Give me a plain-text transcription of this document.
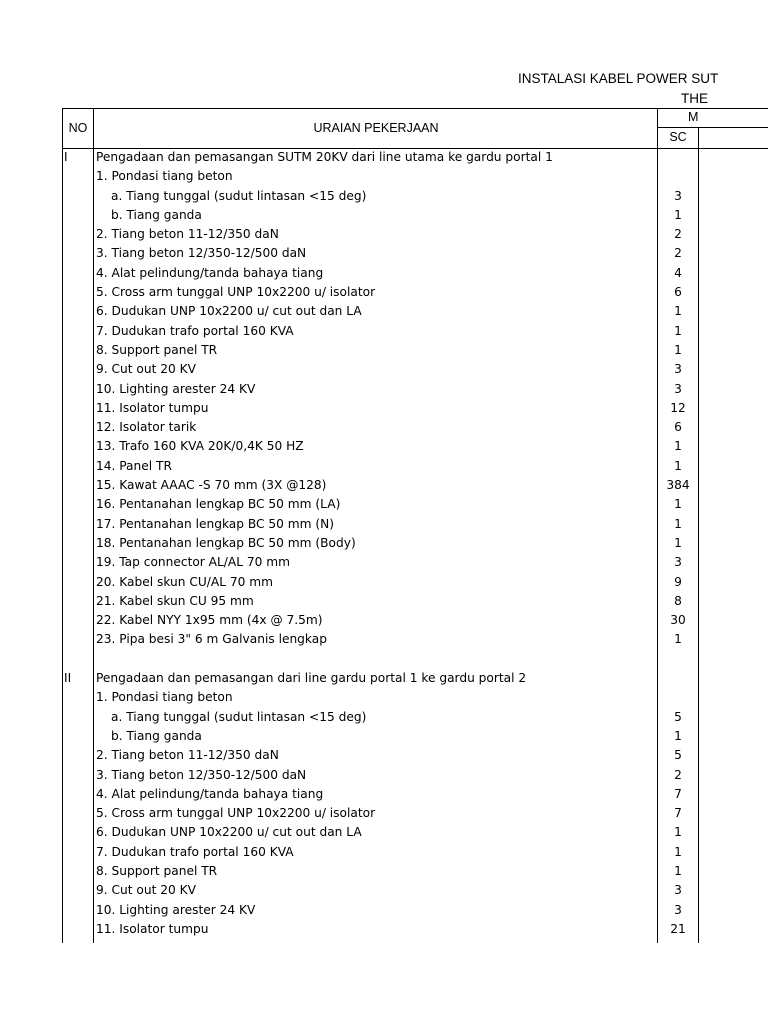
INSTALASI KABEL POWER SUT
THE
NO	URAIAN PEKERJAAN
M
SC
I Pengadaan dan pemasangan SUTM 20KV dari line utama ke gardu portal 1
1. Pondasi tiang beton
a. Tiang tunggal (sudut lintasan <15 deg)	3
b. Tiang ganda	1
2. Tiang beton 11-12/350 daN	2
3. Tiang beton 12/350-12/500 daN	2
4. Alat pelindung/tanda bahaya tiang	4
5. Cross arm tunggal UNP 10x2200 u/ isolator	6
6. Dudukan UNP 10x2200 u/ cut out dan LA	1
7. Dudukan trafo portal 160 KVA	1
8. Support panel TR	1
9. Cut out 20 KV	3
10. Lighting arester 24 KV	3
11. Isolator tumpu	12
12. Isolator tarik	6
13. Trafo 160 KVA 20K/0,4K 50 HZ	1
14. Panel TR	1
15. Kawat AAAC -S 70 mm (3X @128)	384
16. Pentanahan lengkap BC 50 mm (LA)	1
17. Pentanahan lengkap BC 50 mm (N)	1
18. Pentanahan lengkap BC 50 mm (Body)	1
19. Tap connector AL/AL 70 mm	3
20. Kabel skun CU/AL 70 mm	9
21. Kabel skun CU 95 mm	8
22. Kabel NYY 1x95 mm (4x @ 7.5m)	30
23. Pipa besi 3" 6 m Galvanis lengkap	1
II Pengadaan dan pemasangan dari line gardu portal 1 ke gardu portal 2
1. Pondasi tiang beton
a. Tiang tunggal (sudut lintasan <15 deg)	5
b. Tiang ganda	1
2. Tiang beton 11-12/350 daN	5
3. Tiang beton 12/350-12/500 daN	2
4. Alat pelindung/tanda bahaya tiang	7
5. Cross arm tunggal UNP 10x2200 u/ isolator	7
6. Dudukan UNP 10x2200 u/ cut out dan LA	1
7. Dudukan trafo portal 160 KVA	1
8. Support panel TR	1
9. Cut out 20 KV	3
10. Lighting arester 24 KV	3
11. Isolator tumpu	21
